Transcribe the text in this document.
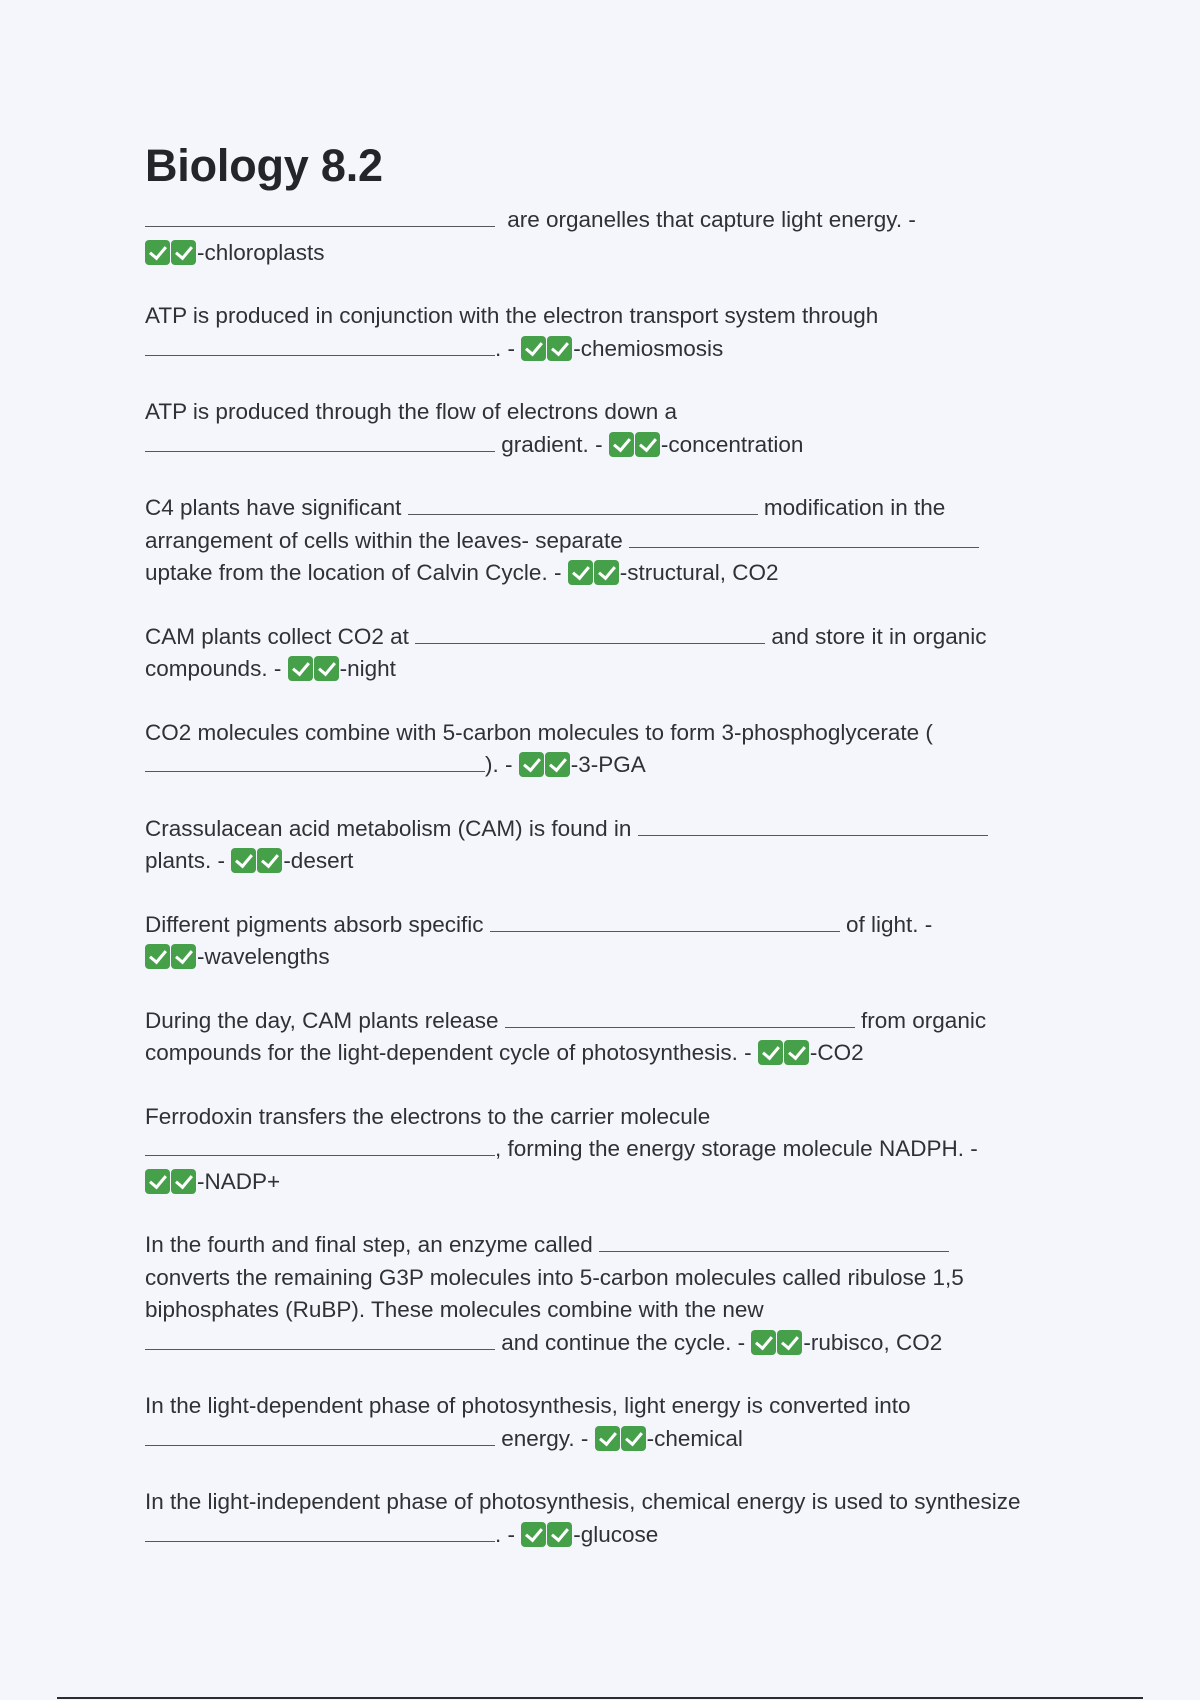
Biology 8.2
are organelles that capture light energy. -
-chloroplasts
ATP is produced in conjunction with the electron transport system through
. -	-chemiosmosis
ATP is produced through the flow of electrons down a
gradient. -	-concentration
C4 plants have significant	modification in the arrangement of cells within the leaves- separate  uptake from the location of Calvin Cycle. -	-structural, CO2
CAM plants collect CO2 at	and store it in organic compounds. -	-night
CO2 molecules combine with 5-carbon molecules to form 3-phosphoglycerate (). -	-3-PGA
Crassulacean acid metabolism (CAM) is found in  plants. -	-desert
Different pigments absorb specific	of light. -
-wavelengths
During the day, CAM plants release	from organic compounds for the light-dependent cycle of photosynthesis. -	-CO2
Ferrodoxin transfers the electrons to the carrier molecule
, forming the energy storage molecule NADPH. -
-NADP+
In the fourth and final step, an enzyme called  converts the remaining G3P molecules into 5-carbon molecules called ribulose 1,5 biphosphates (RuBP). These molecules combine with the new
and continue the cycle. -	-rubisco, CO2
In the light-dependent phase of photosynthesis, light energy is converted into
energy. -	-chemical
In the light-independent phase of photosynthesis, chemical energy is used to synthesize . -	-glucose
